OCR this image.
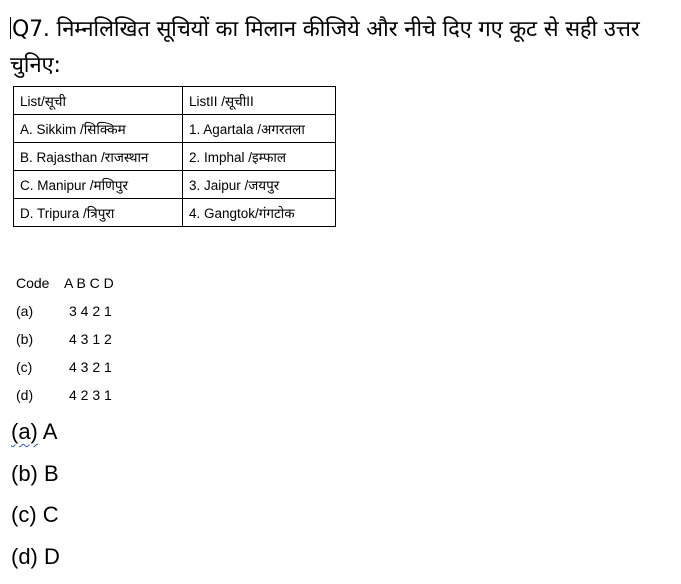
Q7. निम्नलिखित सूचियों का मिलान कीजिये और नीचे दिए गए कूट से सही उत्तर चुनिए:
List/सूची	ListII /सूचीII
A. Sikkim /सिक्किम	1. Agartala /अगरतला
B. Rajasthan /राजस्थान	2. Imphal /इम्फाल
C. Manipur /मणिपुर	3. Jaipur /जयपुर
D. Tripura /त्रिपुरा	4. Gangtok/गंगटोक
Code A B C D
(a)	3 4 2 1
(b)	4 3 1 2
(c)	4 3 2 1
(d)	4 2 3 1
(a) A
(b) B
(c) C
(d) D
